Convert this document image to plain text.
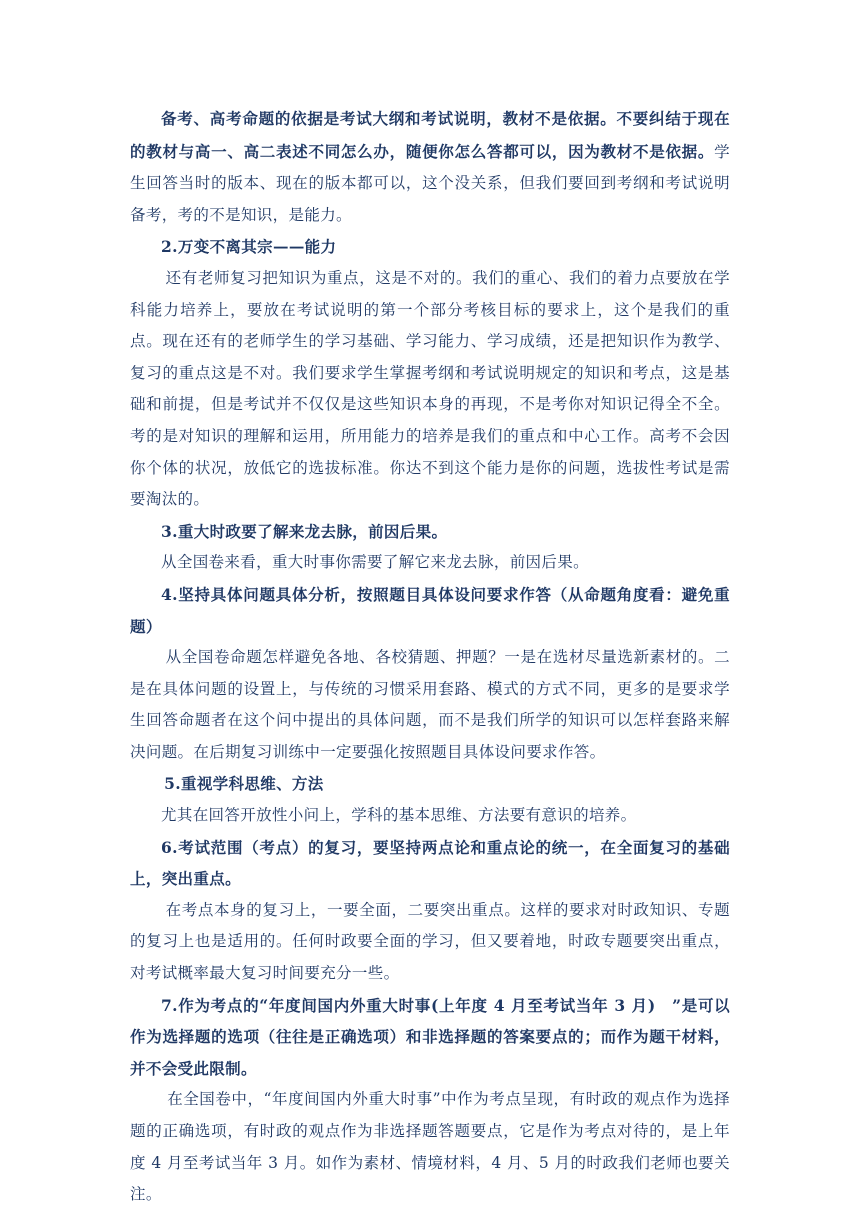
备考、高考命题的依据是考试大纲和考试说明，教材不是依据。不要纠结于现在的教材与高一、高二表述不同怎么办，随便你怎么答都可以，因为教材不是依据。学生回答当时的版本、现在的版本都可以，这个没关系，但我们要回到考纲和考试说明备考，考的不是知识，是能力。

2.万变不离其宗——能力

还有老师复习把知识为重点，这是不对的。我们的重心、我们的着力点要放在学科能力培养上，要放在考试说明的第一个部分考核目标的要求上，这个是我们的重点。现在还有的老师学生的学习基础、学习能力、学习成绩，还是把知识作为教学、复习的重点这是不对。我们要求学生掌握考纲和考试说明规定的知识和考点，这是基础和前提，但是考试并不仅仅是这些知识本身的再现，不是考你对知识记得全不全。考的是对知识的理解和运用，所用能力的培养是我们的重点和中心工作。高考不会因你个体的状况，放低它的选拔标准。你达不到这个能力是你的问题，选拔性考试是需要淘汰的。

3.重大时政要了解来龙去脉，前因后果。

从全国卷来看，重大时事你需要了解它来龙去脉，前因后果。

4.坚持具体问题具体分析，按照题目具体设问要求作答（从命题角度看：避免重题）

从全国卷命题怎样避免各地、各校猜题、押题？一是在选材尽量选新素材的。二是在具体问题的设置上，与传统的习惯采用套路、模式的方式不同，更多的是要求学生回答命题者在这个问中提出的具体问题，而不是我们所学的知识可以怎样套路来解决问题。在后期复习训练中一定要强化按照题目具体设问要求作答。

5.重视学科思维、方法

尤其在回答开放性小问上，学科的基本思维、方法要有意识的培养。

6.考试范围（考点）的复习，要坚持两点论和重点论的统一，在全面复习的基础上，突出重点。

在考点本身的复习上，一要全面，二要突出重点。这样的要求对时政知识、专题的复习上也是适用的。任何时政要全面的学习，但又要着地，时政专题要突出重点，对考试概率最大复习时间要充分一些。

7.作为考点的“年度间国内外重大时事(上年度 4 月至考试当年 3 月)　”是可以作为选择题的选项（往往是正确选项）和非选择题的答案要点的；而作为题干材料，并不会受此限制。

在全国卷中，“年度间国内外重大时事”中作为考点呈现，有时政的观点作为选择题的正确选项，有时政的观点作为非选择题答题要点，它是作为考点对待的，是上年度 4 月至考试当年 3 月。如作为素材、情境材料，4 月、5 月的时政我们老师也要关注。
